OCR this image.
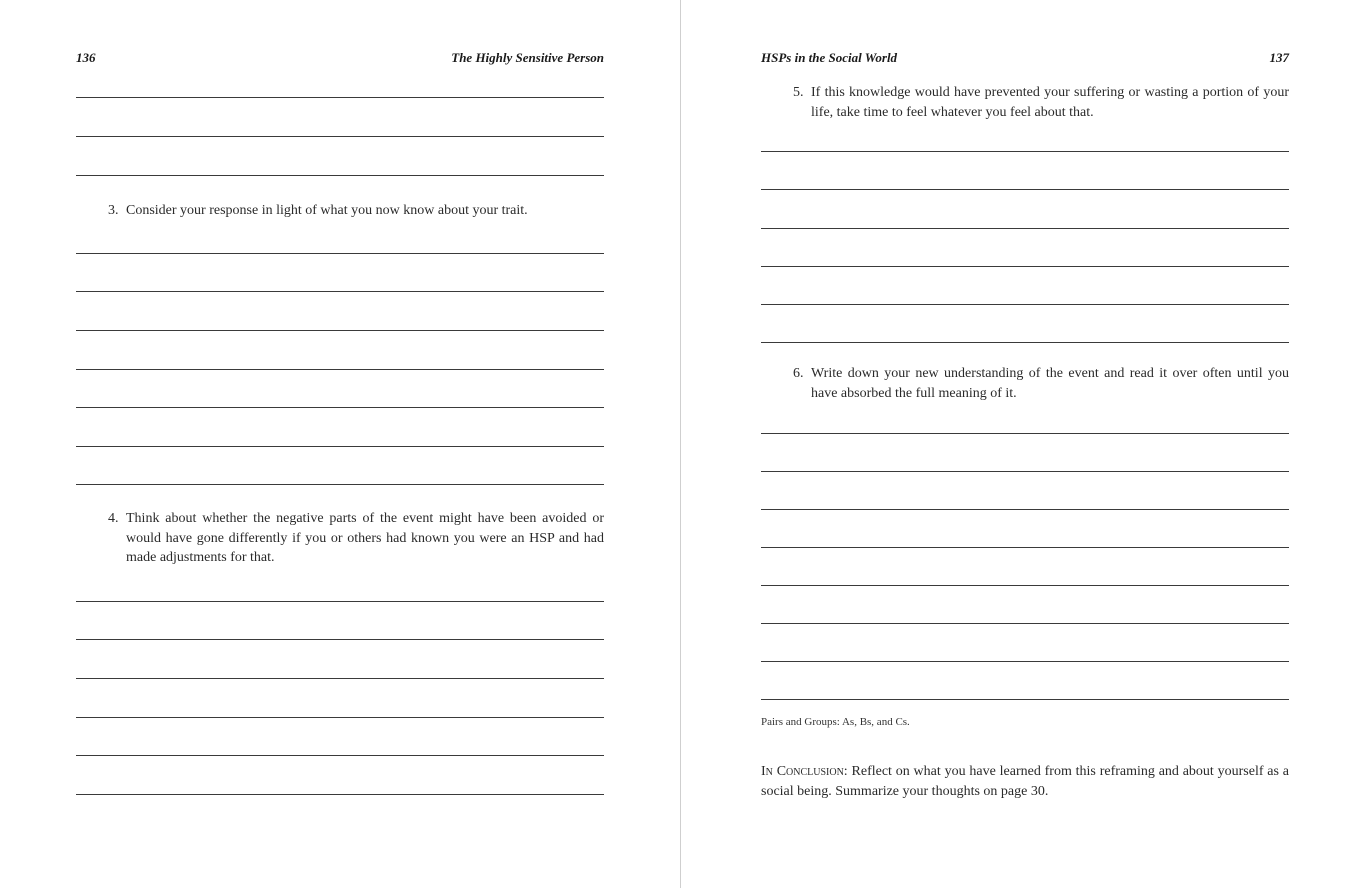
136	The Highly Sensitive Person
3. Consider your response in light of what you now know about your trait.
4. Think about whether the negative parts of the event might have been avoided or would have gone differently if you or others had known you were an HSP and had made adjustments for that.
HSPs in the Social World	137
5. If this knowledge would have prevented your suffering or wasting a portion of your life, take time to feel whatever you feel about that.
6. Write down your new understanding of the event and read it over often until you have absorbed the full meaning of it.
Pairs and Groups: As, Bs, and Cs.
In Conclusion: Reflect on what you have learned from this reframing and about yourself as a social being. Summarize your thoughts on page 30.
